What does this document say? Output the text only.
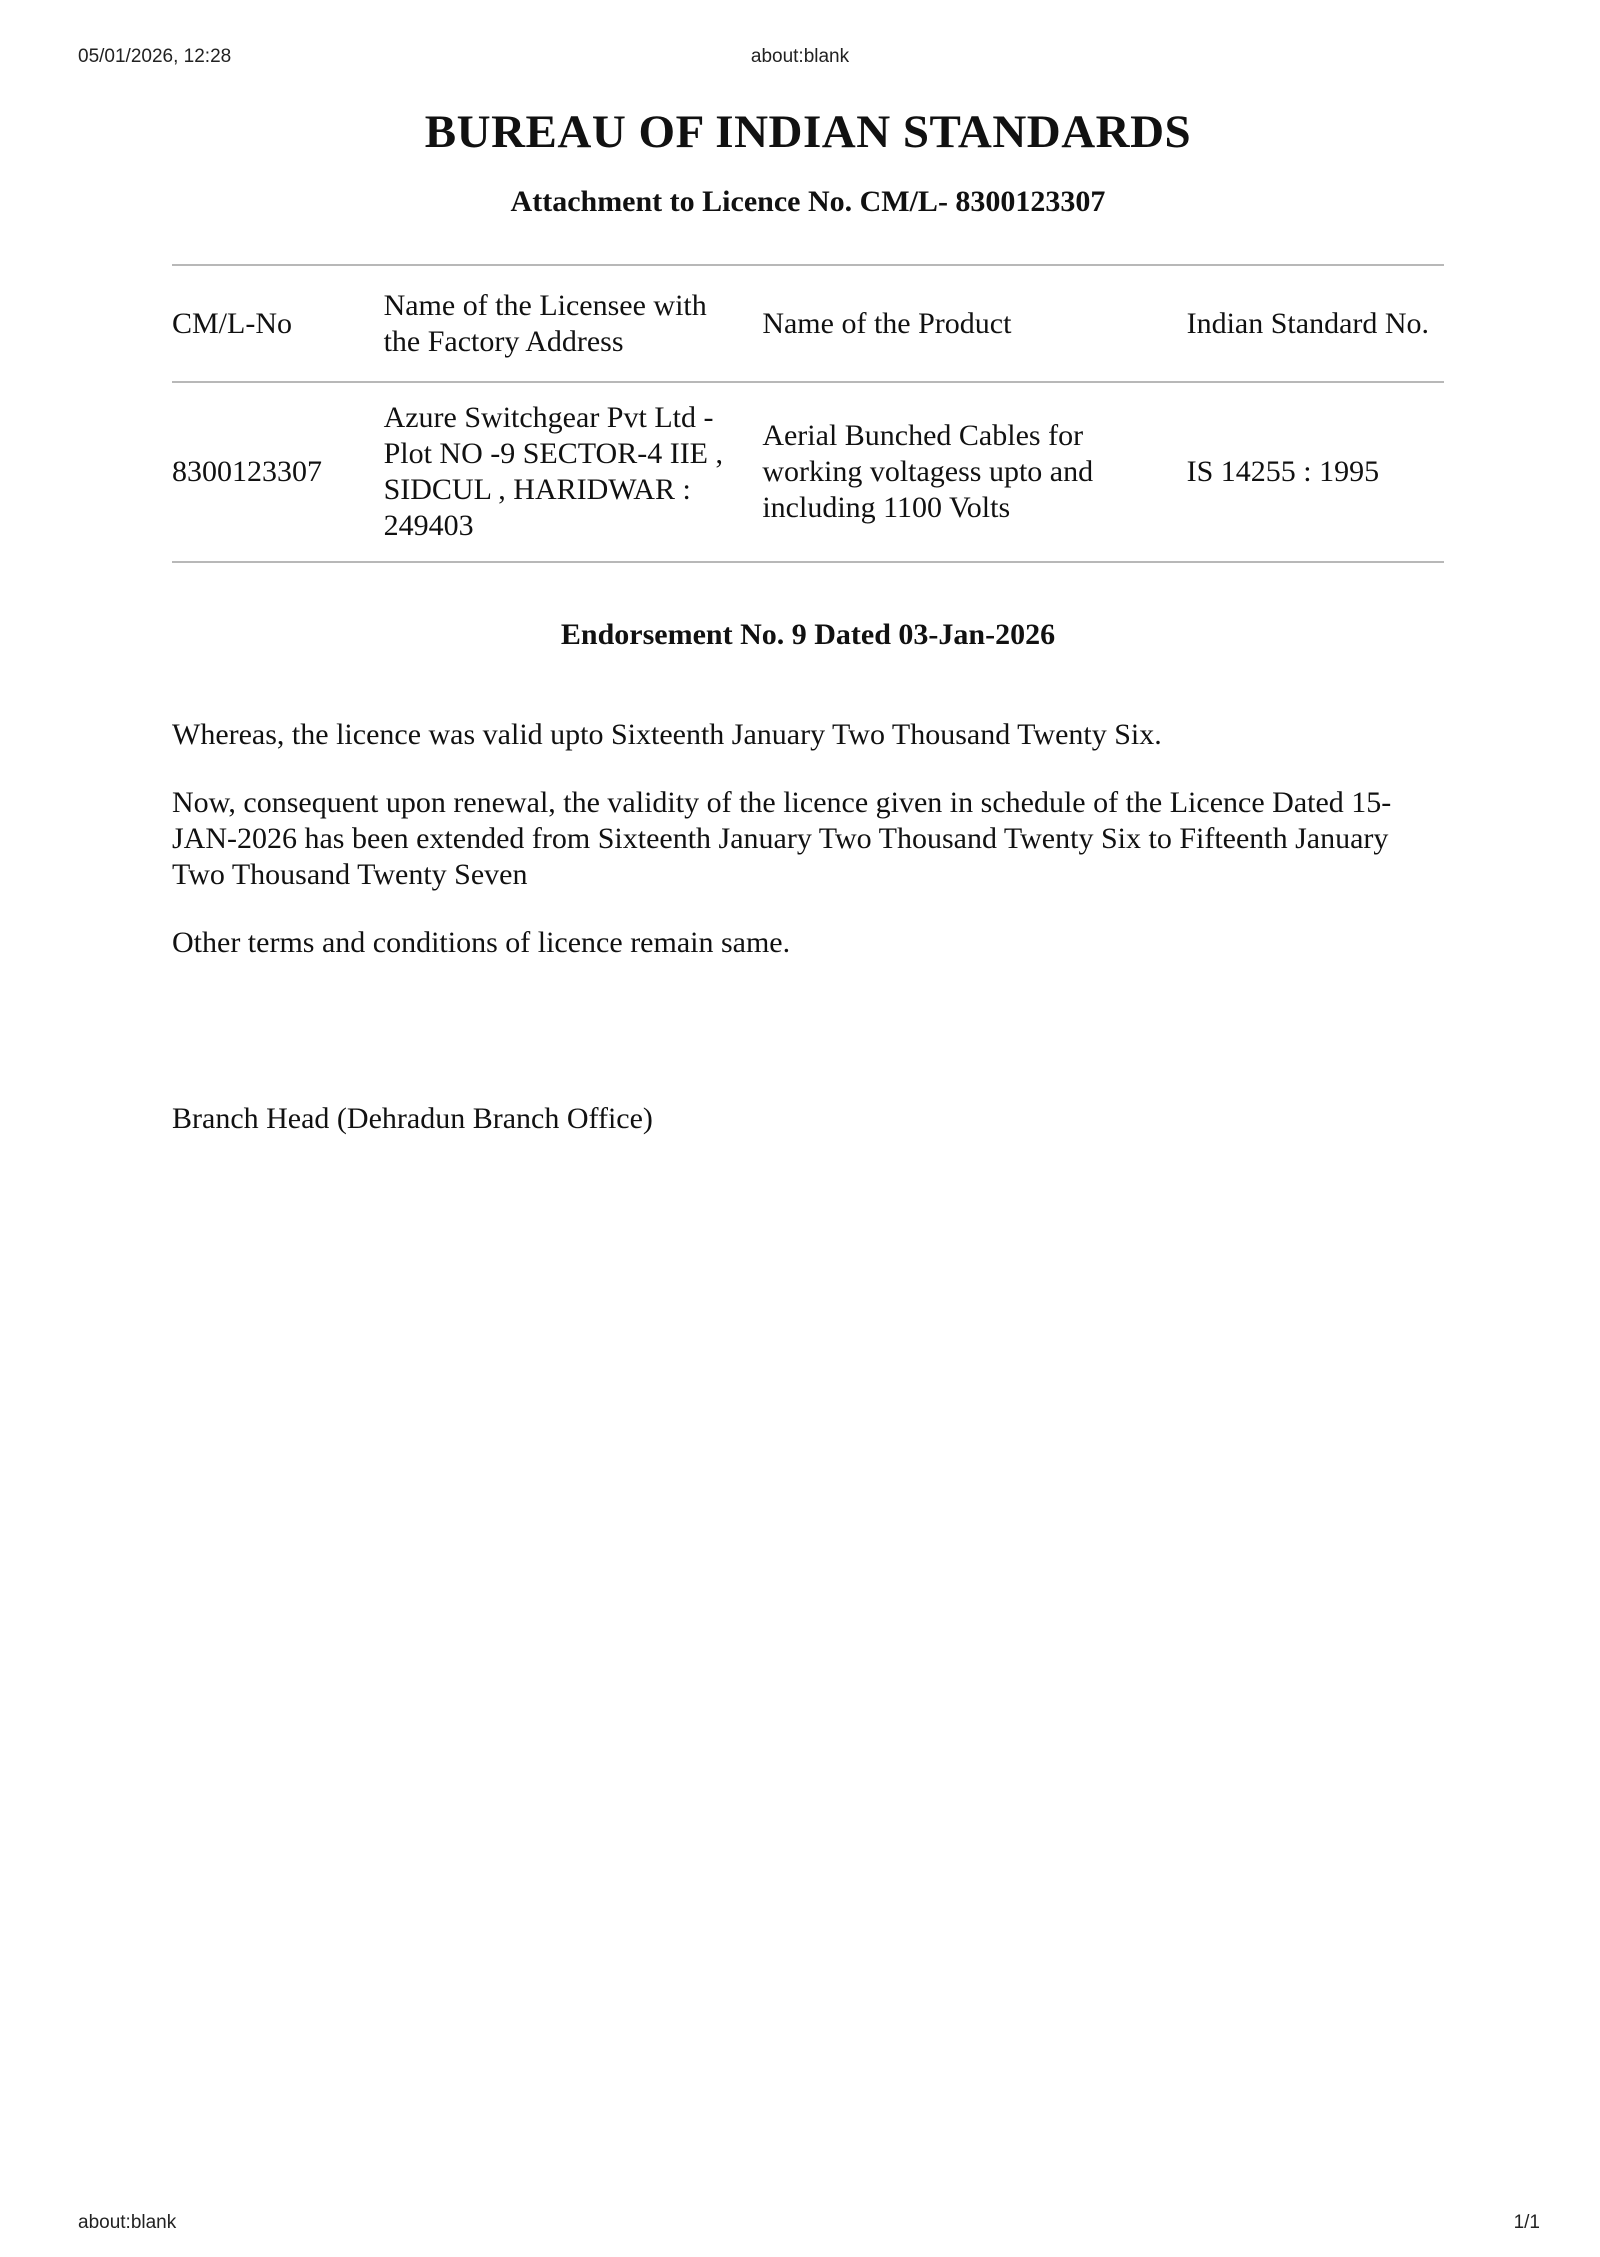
05/01/2026, 12:28	about:blank
BUREAU OF INDIAN STANDARDS
Attachment to Licence No. CM/L- 8300123307
CM/L-No	Name of the Licensee with the Factory Address	Name of the Product	Indian Standard No.
8300123307	Azure Switchgear Pvt Ltd - Plot NO -9 SECTOR-4 IIE , SIDCUL , HARIDWAR : 249403	Aerial Bunched Cables for working voltagess upto and including 1100 Volts	IS 14255 : 1995
Endorsement No. 9 Dated 03-Jan-2026

Whereas, the licence was valid upto Sixteenth January Two Thousand Twenty Six.

Now, consequent upon renewal, the validity of the licence given in schedule of the Licence Dated 15-JAN-2026 has been extended from Sixteenth January Two Thousand Twenty Six to Fifteenth January Two Thousand Twenty Seven

Other terms and conditions of licence remain same.

Branch Head (Dehradun Branch Office)
about:blank	1/1
